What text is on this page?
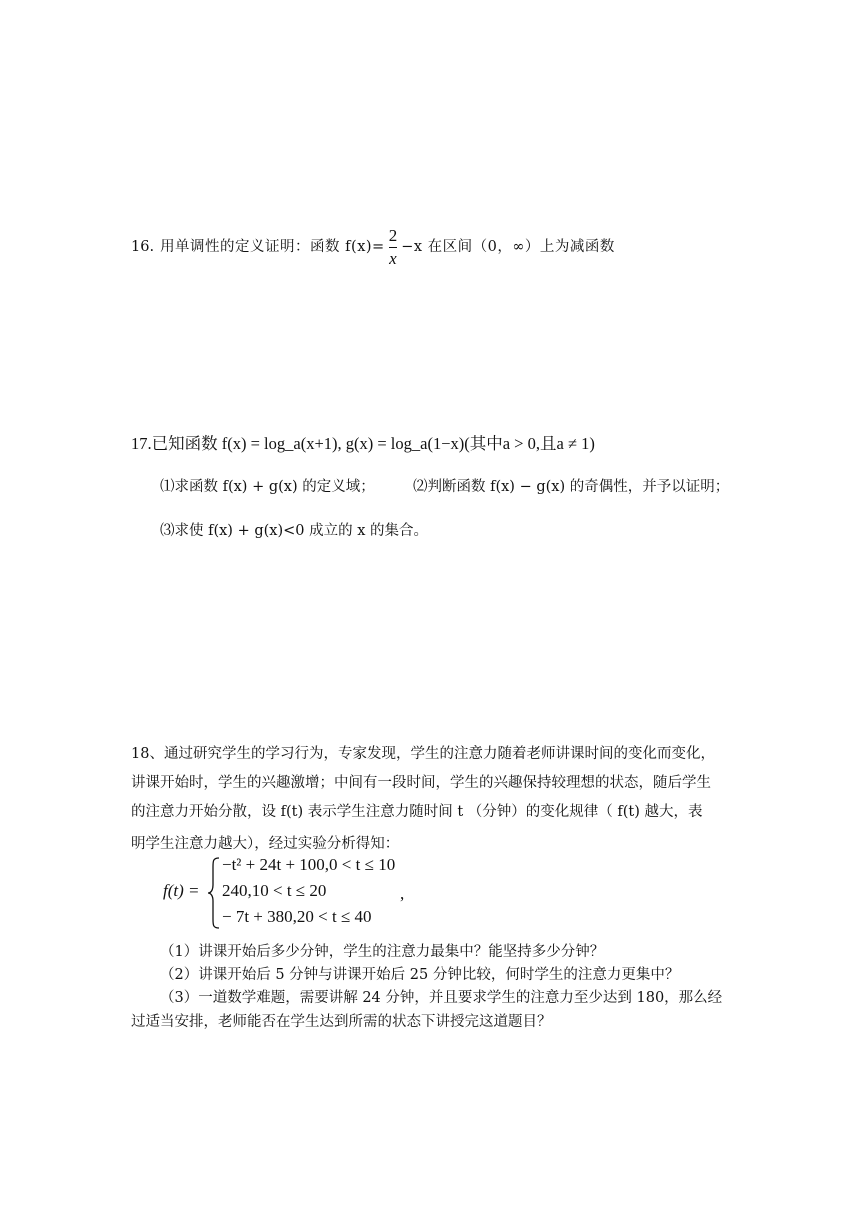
16. 用单调性的定义证明：函数 $f(x)= \frac{2}{x} -x$ 在区间（0，∞）上为减函数
17.已知函数 f(x) = log_a(x+1), g(x) = log_a(1−x)(其中a > 0,且a ≠ 1)
⑴求函数 f(x) + g(x) 的定义域；	⑵判断函数 f(x) − g(x) 的奇偶性，并予以证明；
⑶求使 f(x) + g(x)<0 成立的 x 的集合。
18、通过研究学生的学习行为，专家发现，学生的注意力随着老师讲课时间的变化而变化，
讲课开始时，学生的兴趣激增；中间有一段时间，学生的兴趣保持较理想的状态，随后学生
的注意力开始分散，设 f(t) 表示学生注意力随时间 t （分钟）的变化规律（ f(t) 越大，表
明学生注意力越大），经过实验分析得知：
f(t) =
−t² + 24t + 100,0 < t ≤ 10
240,10 < t ≤ 20
− 7t + 380,20 < t ≤ 40
,
（1）讲课开始后多少分钟，学生的注意力最集中？能坚持多少分钟？
（2）讲课开始后 5 分钟与讲课开始后 25 分钟比较，何时学生的注意力更集中？
（3）一道数学难题，需要讲解 24 分钟，并且要求学生的注意力至少达到 180，那么经
过适当安排，老师能否在学生达到所需的状态下讲授完这道题目？
